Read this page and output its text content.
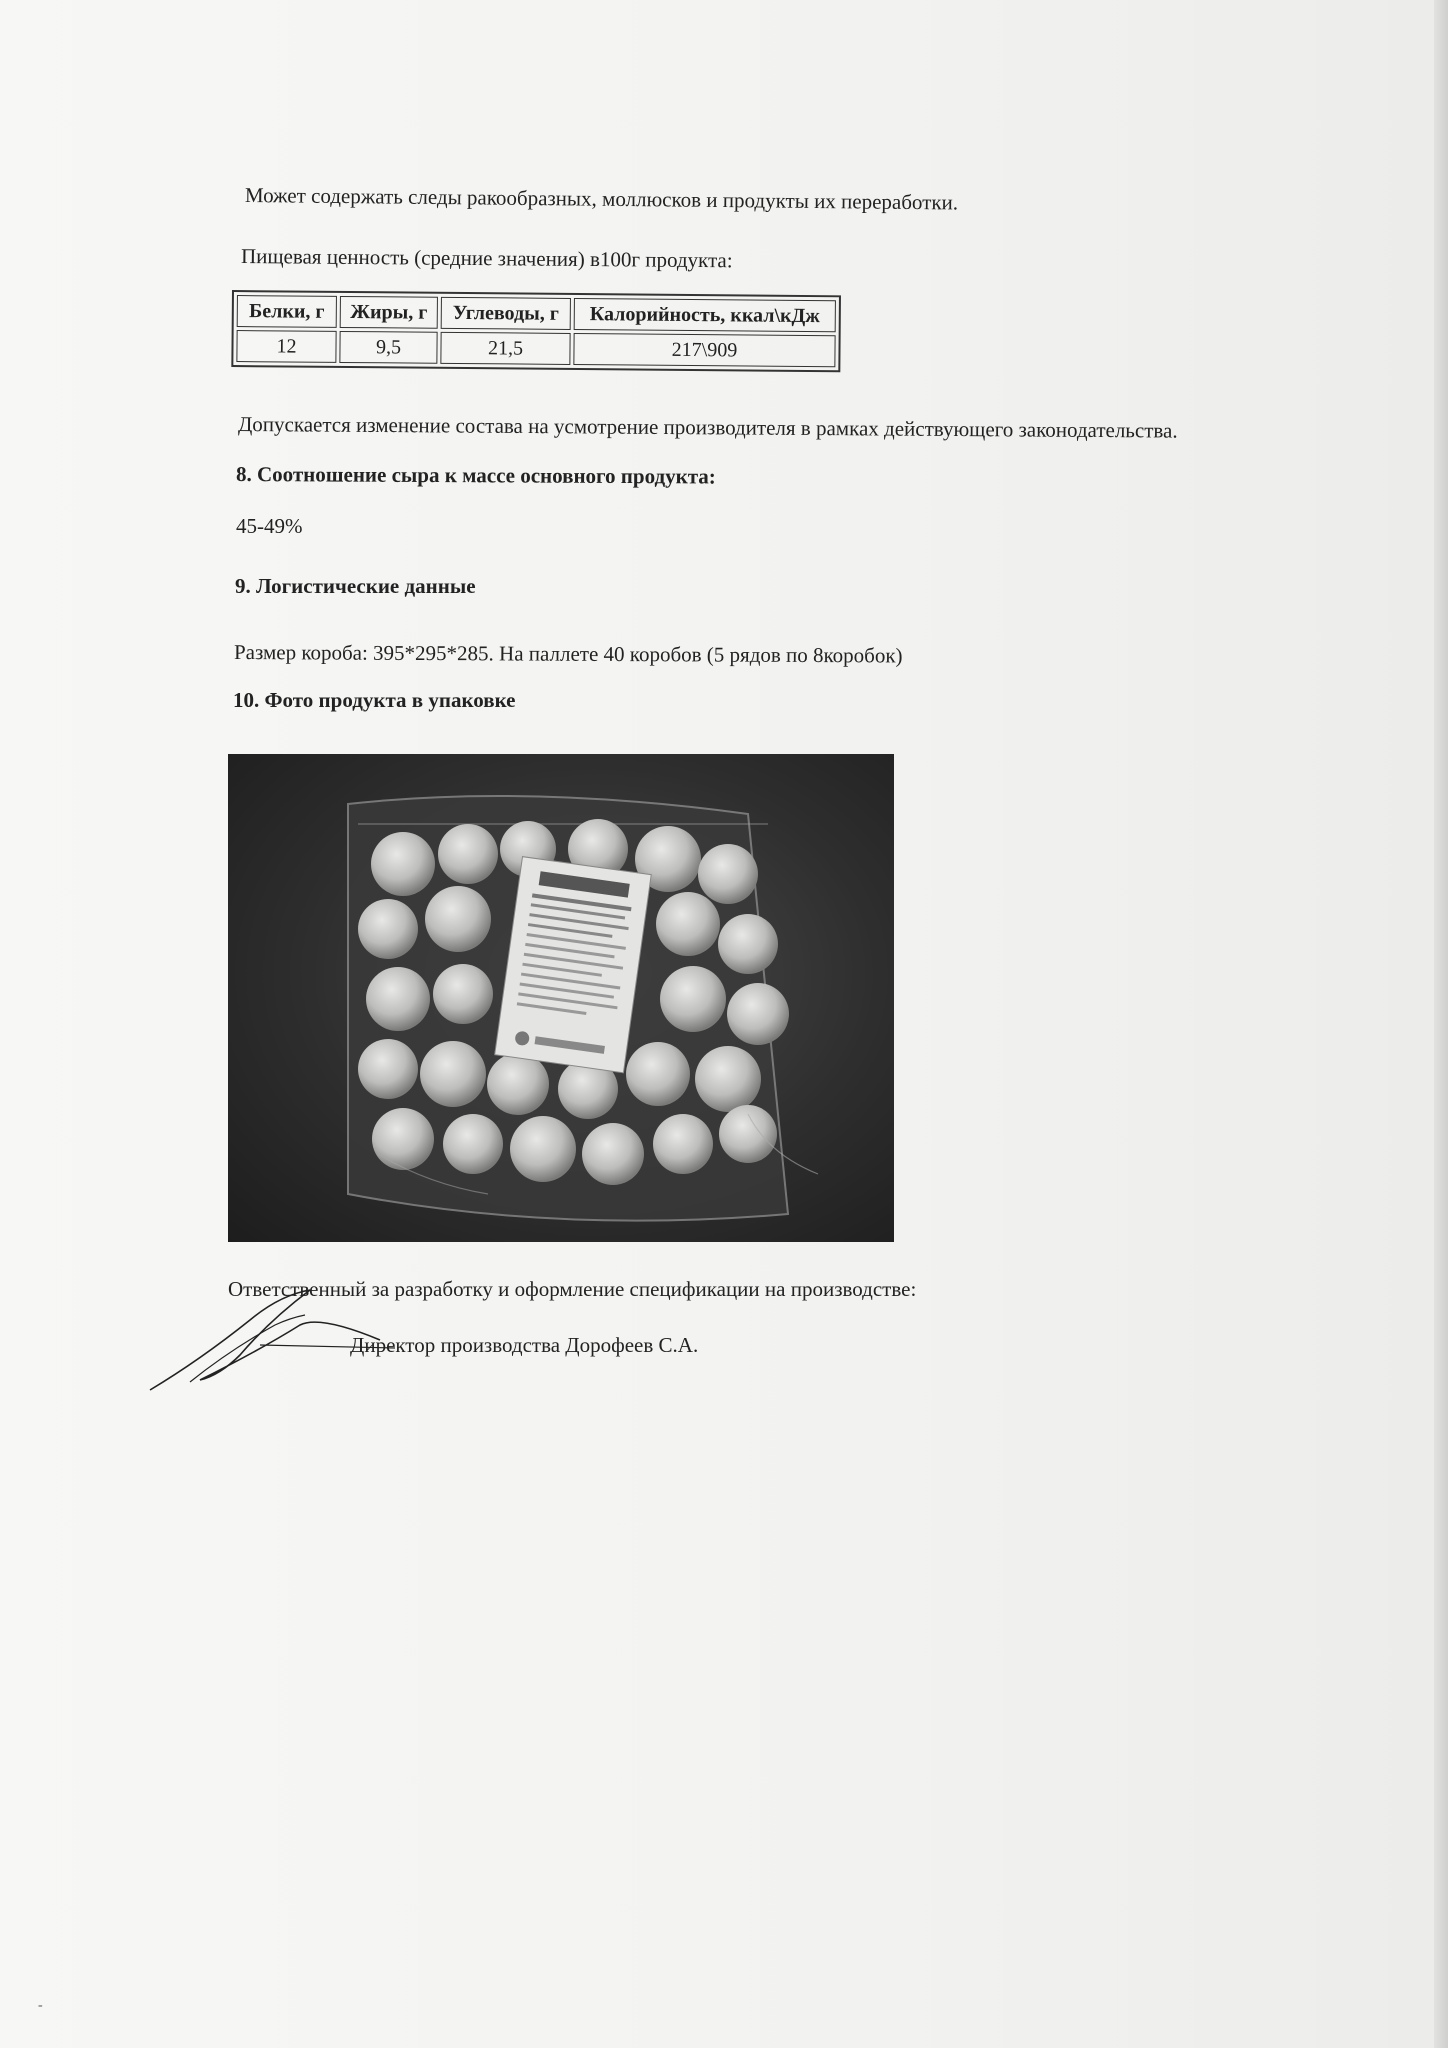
Может содержать следы ракообразных, моллюсков и продукты их переработки.
Пищевая ценность (средние значения) в100г продукта:
Белки, г	Жиры, г	Углеводы, г	Калорийность, ккал\кДж
12	9,5	21,5	217\909
Допускается изменение состава на усмотрение производителя в рамках действующего законодательства.
8. Соотношение сыра к массе основного продукта:
45-49%
9. Логистические данные
Размер короба: 395*295*285. На паллете 40 коробов (5 рядов по 8коробок)
10. Фото продукта в упаковке
Ответственный за разработку и оформление спецификации на производстве:
Директор производства Дорофеев С.А.
-
